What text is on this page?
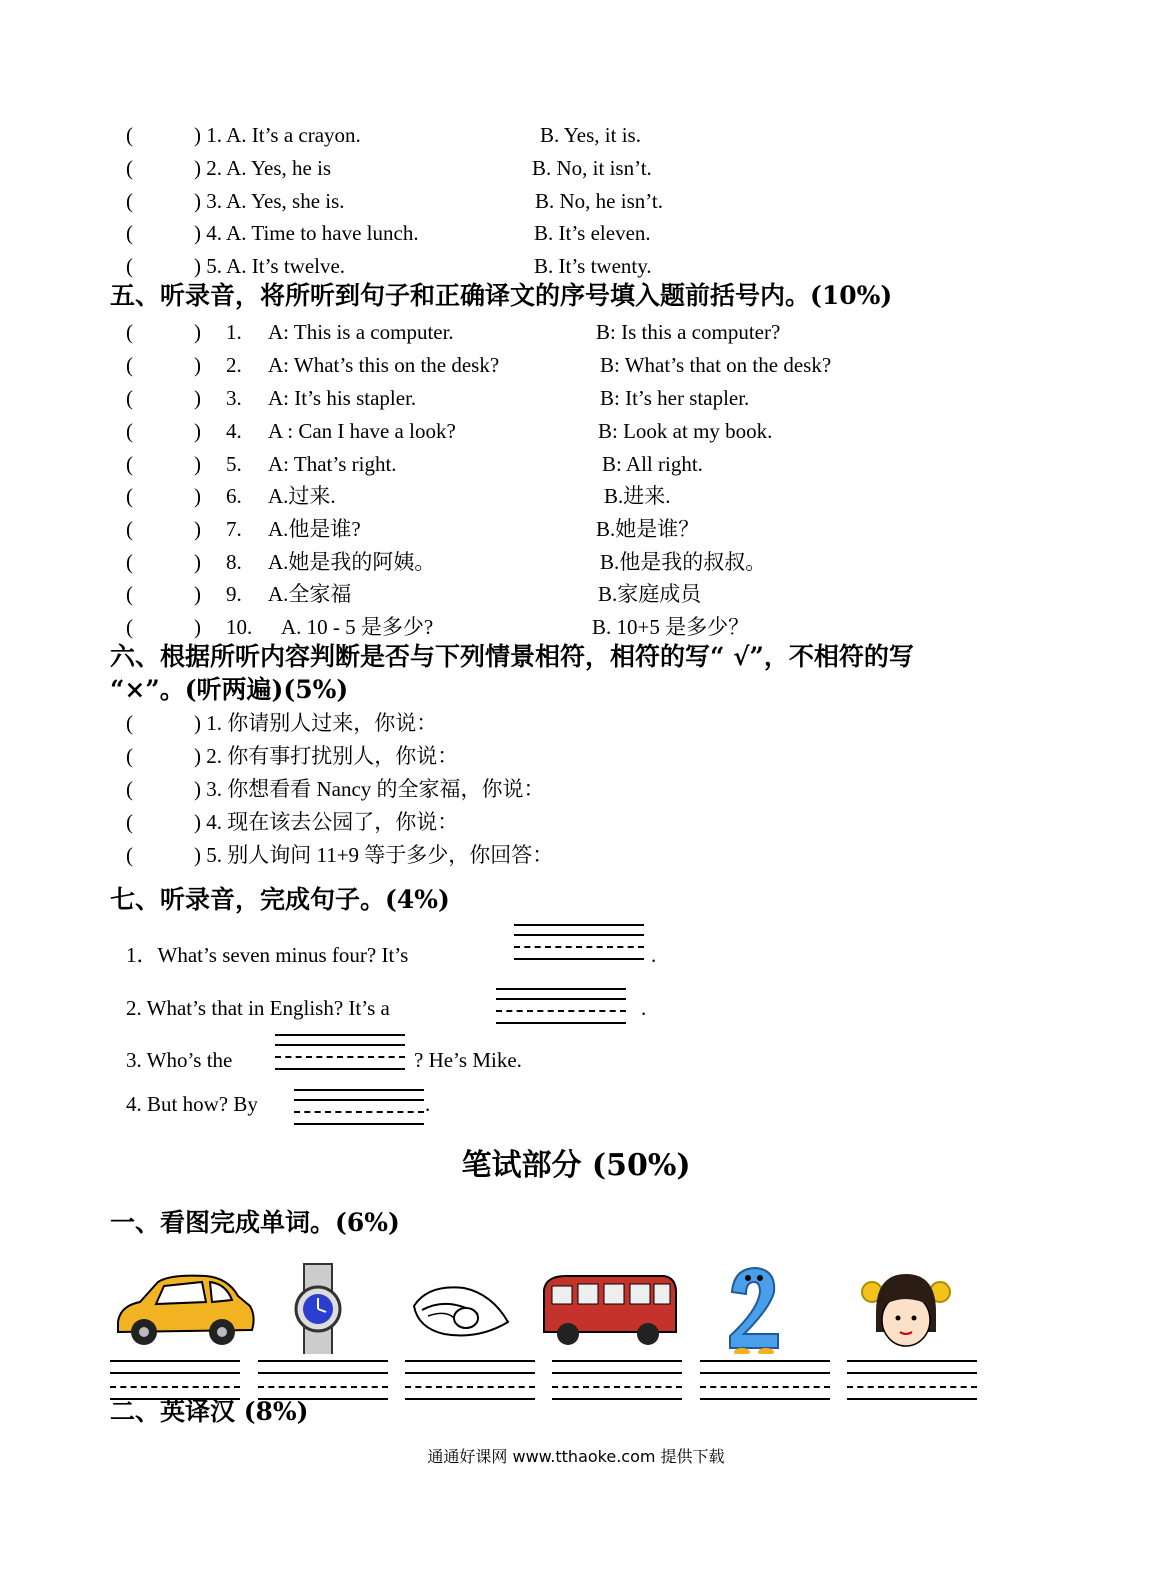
(	) 1. A. It’s a crayon.	B. Yes, it is.
(	) 2. A. Yes, he is	B. No, it isn’t.
(	) 3. A. Yes, she is.	B. No, he isn’t.
(	) 4. A. Time to have lunch.	B. It’s eleven.
(	) 5. A. It’s twelve.	B. It’s twenty.
五、听录音，将所听到句子和正确译文的序号填入题前括号内。(10%)
(	) 1. A: This is a computer.	B: Is this a computer?
(	) 2. A: What’s this on the desk?	B: What’s that on the desk?
(	) 3. A: It’s his stapler.	B: It’s her stapler.
(	) 4. A : Can I have a look?	B: Look at my book.
(	) 5. A: That’s right.	B: All right.
(	) 6. A.过来.	B.进来.
(	) 7. A.他是谁?	B.她是谁？
(	) 8. A.她是我的阿姨。	B.他是我的叔叔。
(	) 9. A.全家福	B.家庭成员
(	) 10. A. 10 - 5 是多少?	B. 10+5 是多少？
六、根据所听内容判断是否与下列情景相符，相符的写“ √”，不相符的写
“×”。(听两遍)(5%)
(	) 1. 你请别人过来，你说：
(	) 2. 你有事打扰别人，你说：
(	) 3. 你想看看 Nancy 的全家福，你说：
(	) 4. 现在该去公园了，你说：
(	) 5. 别人询问 11+9 等于多少，你回答：
七、听录音，完成句子。(4%)
1．What’s seven minus four? It’s	.
2. What’s that in English? It’s a	.
3. Who’s the	? He’s Mike.
4. But how? By	.
笔试部分 (50%)
一、看图完成单词。(6%)
二、英译汉 (8%)
通通好课网 www.tthaoke.com 提供下载
